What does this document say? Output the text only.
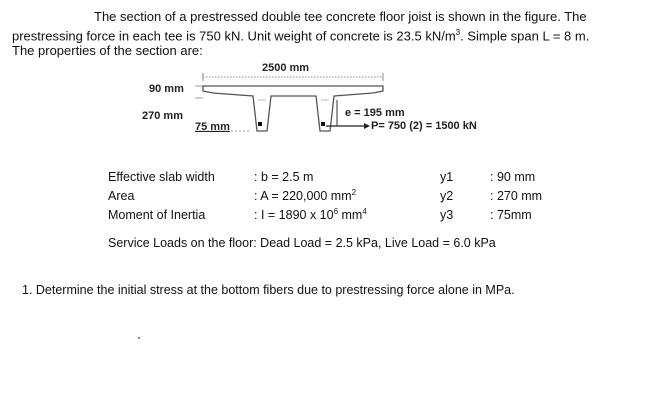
The section of a prestressed double tee concrete floor joist is shown in the figure. The
prestressing force in each tee is 750 kN. Unit weight of concrete is 23.5 $kN/m^3$. Simple span L = 8 m.
The properties of the section are:
2500 mm
90 mm
270 mm
75 mm
e = 195 mm
P= 750 (2) = 1500 kN
Effective slab width	: b = 2.5 m	y1	: 90 mm
Area	: A = 220,000 $mm^2$	y2	: 270 mm
Moment of Inertia	: I = 1890 x $10^6$ $mm^4$	y3	: 75mm
Service Loads on the floor: Dead Load = 2.5 kPa, Live Load = 6.0 kPa
1. Determine the initial stress at the bottom fibers due to prestressing force alone in MPa.
